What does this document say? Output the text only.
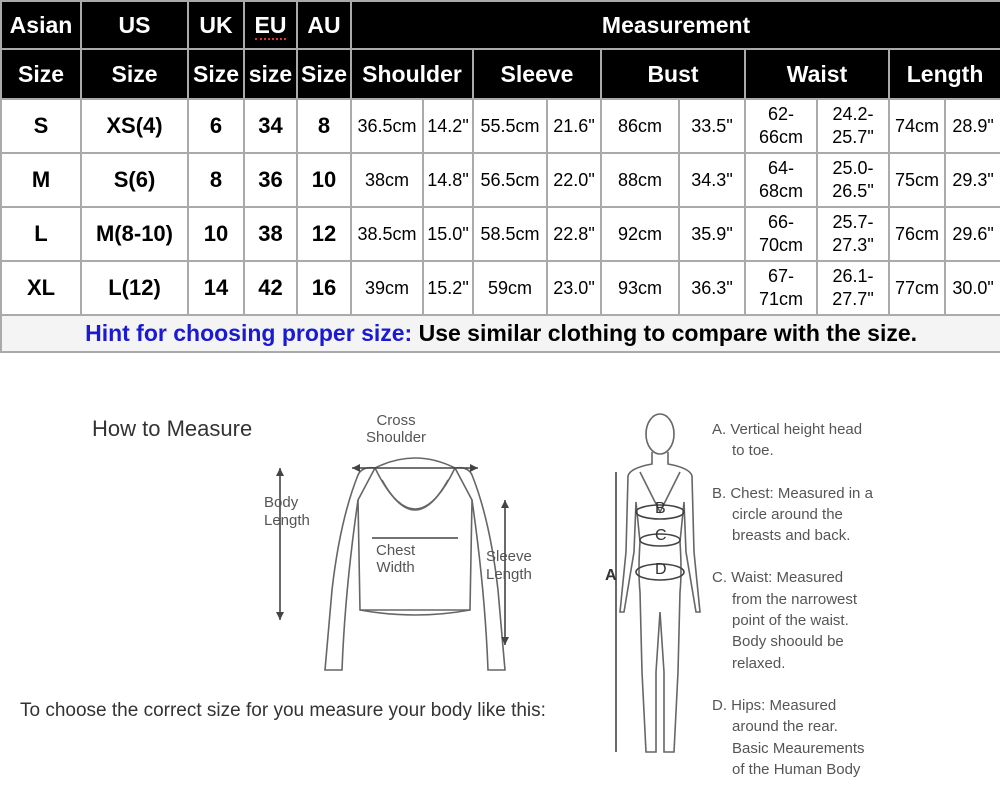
Asian	US	UK	EU	AU	Measurement									
Size	Size	Size	size	Size	Shoulder		Sleeve		Bust		Waist		Length	
S	XS(4)	6	34	8	36.5cm	14.2"	55.5cm	21.6"	86cm	33.5"	62-66cm	24.2-25.7"	74cm	28.9"
M	S(6)	8	36	10	38cm	14.8"	56.5cm	22.0"	88cm	34.3"	64-68cm	25.0-26.5"	75cm	29.3"
L	M(8-10)	10	38	12	38.5cm	15.0"	58.5cm	22.8"	92cm	35.9"	66-70cm	25.7-27.3"	76cm	29.6"
XL	L(12)	14	42	16	39cm	15.2"	59cm	23.0"	93cm	36.3"	67-71cm	26.1-27.7"	77cm	30.0"
Hint for choosing proper size: Use similar clothing to compare with the size.														
How to Measure	Cross
Shoulder
Body
Length
Chest
Width
Sleeve
Length
To choose the correct size for you measure your body like this:
A
B
C
D
A. Vertical height head
to toe.
B. Chest: Measured in a
circle around the
breasts and back.
C. Waist: Measured
from the narrowest
point of the waist.
Body shoould be
relaxed.
D. Hips: Measured
around the rear.
Basic Meaurements
of the Human Body
